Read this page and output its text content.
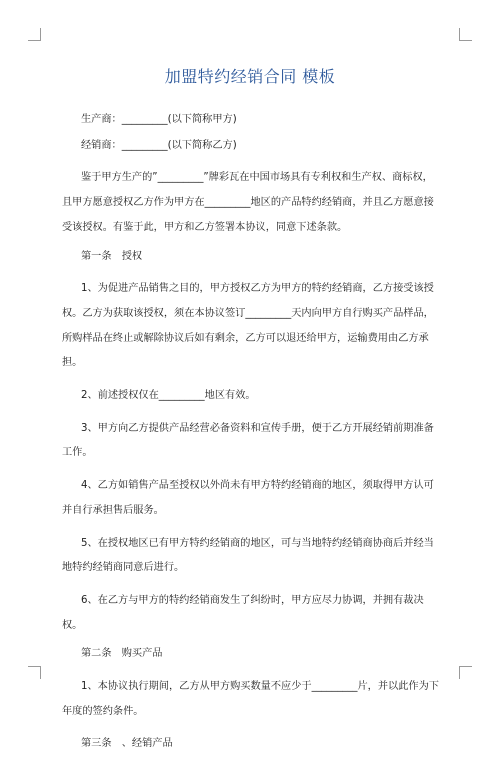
加盟特约经销合同 模板

生产商：_________(以下简称甲方)

经销商：_________(以下简称乙方)

鉴于甲方生产的”_________”牌彩瓦在中国市场具有专利权和生产权、商标权，且甲方愿意授权乙方作为甲方在_________地区的产品特约经销商，并且乙方愿意接受该授权。有鉴于此，甲方和乙方签署本协议，同意下述条款。

第一条　授权

1、为促进产品销售之目的，甲方授权乙方为甲方的特约经销商，乙方接受该授权。乙方为获取该授权，须在本协议签订_________天内向甲方自行购买产品样品，所购样品在终止或解除协议后如有剩余，乙方可以退还给甲方，运输费用由乙方承担。

2、前述授权仅在_________地区有效。

3、甲方向乙方提供产品经营必备资料和宣传手册，便于乙方开展经销前期准备工作。

4、乙方如销售产品至授权以外尚未有甲方特约经销商的地区，须取得甲方认可并自行承担售后服务。

5、在授权地区已有甲方特约经销商的地区，可与当地特约经销商协商后并经当地特约经销商同意后进行。

6、在乙方与甲方的特约经销商发生了纠纷时，甲方应尽力协调，并拥有裁决权。

第二条　购买产品

1、本协议执行期间，乙方从甲方购买数量不应少于_________片，并以此作为下年度的签约条件。

第三条　、经销产品
